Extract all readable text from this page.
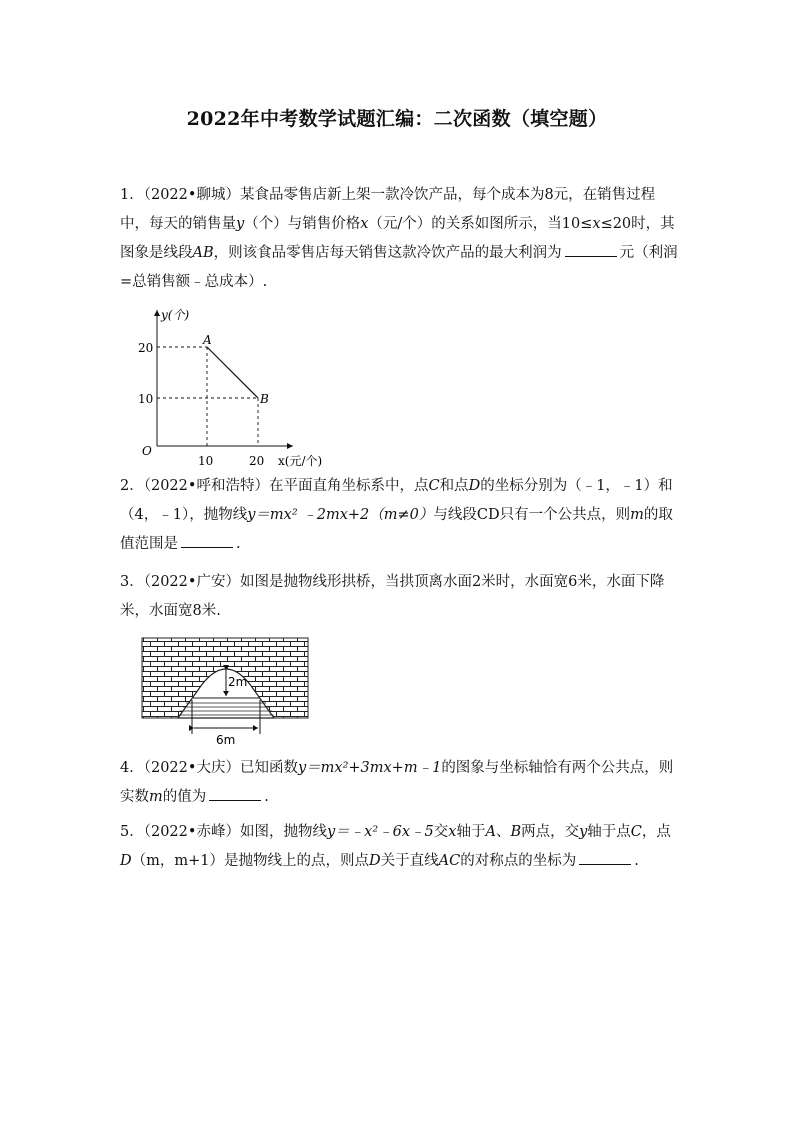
2022年中考数学试题汇编：二次函数（填空题）

1．（2022•聊城）某食品零售店新上架一款冷饮产品，每个成本为8元，在销售过程中，每天的销售量y（个）与销售价格x（元/个）的关系如图所示，当10≤x≤20时，其图象是线段AB，则该食品零售店每天销售这款冷饮产品的最大利润为	元（利润=总销售额﹣总成本）.

y(个)
x(元/个)
O
20
10
10	20
A
B

2．（2022•呼和浩特）在平面直角坐标系中，点C和点D的坐标分别为（﹣1，﹣1）和（4，﹣1），抛物线y＝mx² ﹣2mx+2（m≠0）与线段CD只有一个公共点，则m的取值范围是	.

3．（2022•广安）如图是抛物线形拱桥，当拱顶离水面2米时，水面宽6米，水面下降米，水面宽8米.

2m
6m

4．（2022•大庆）已知函数y＝mx²+3mx+m﹣1的图象与坐标轴恰有两个公共点，则实数m的值为	.

5．（2022•赤峰）如图，抛物线y＝﹣x²﹣6x﹣5交x轴于A、B两点，交y轴于点C，点D（m，m+1）是抛物线上的点，则点D关于直线AC的对称点的坐标为	.
